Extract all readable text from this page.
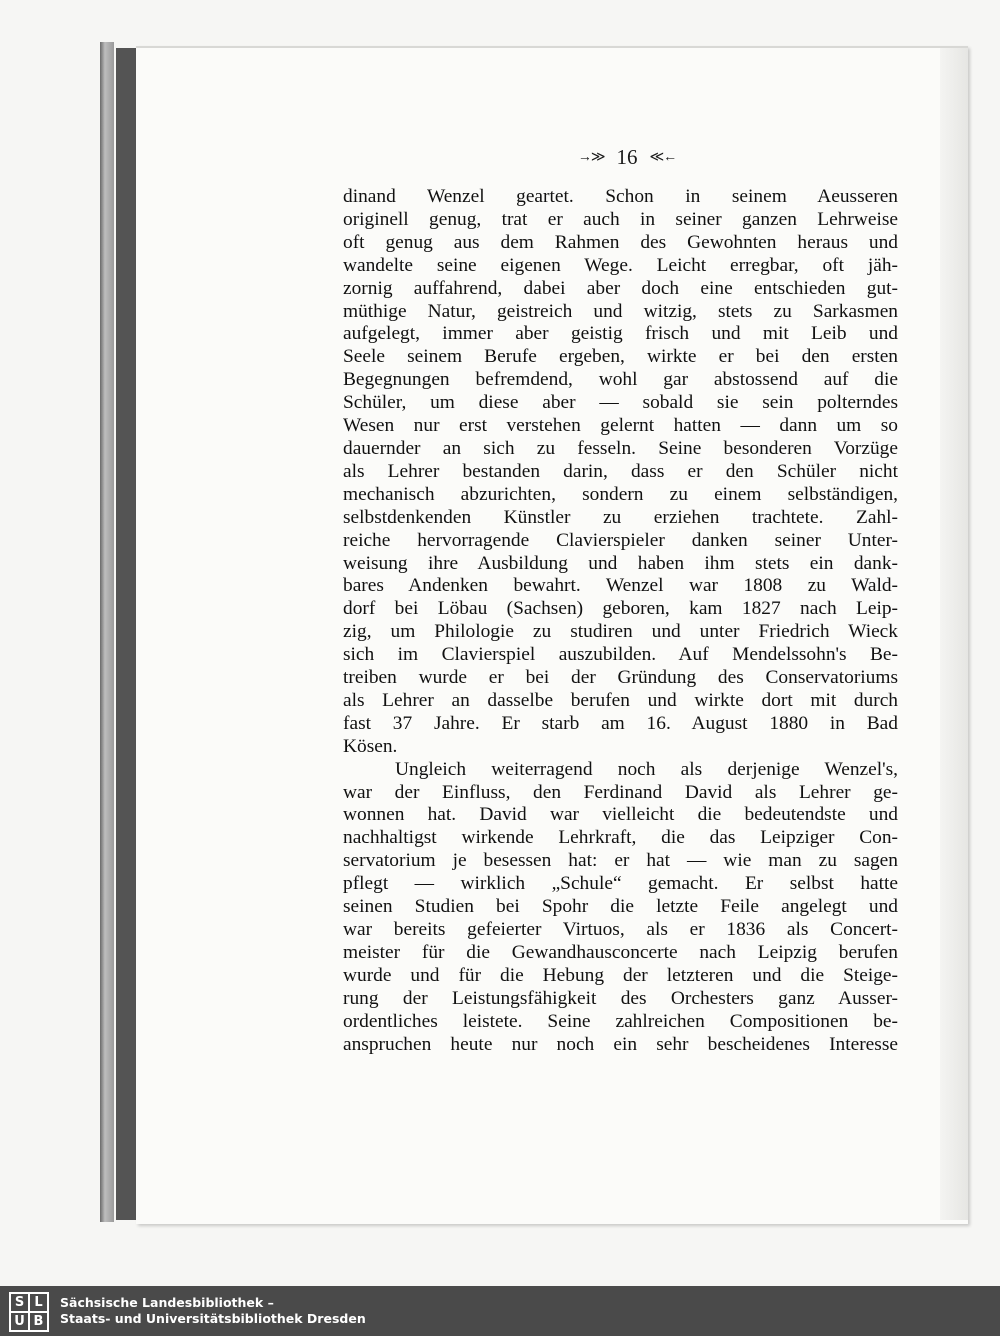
→≫ 16 ≪←
dinand Wenzel geartet. Schon in seinem Aeusseren
originell genug, trat er auch in seiner ganzen Lehrweise
oft genug aus dem Rahmen des Gewohnten heraus und
wandelte seine eigenen Wege. Leicht erregbar, oft jäh-
zornig auffahrend, dabei aber doch eine entschieden gut-
müthige Natur, geistreich und witzig, stets zu Sarkasmen
aufgelegt, immer aber geistig frisch und mit Leib und
Seele seinem Berufe ergeben, wirkte er bei den ersten
Begegnungen befremdend, wohl gar abstossend auf die
Schüler, um diese aber — sobald sie sein polterndes
Wesen nur erst verstehen gelernt hatten — dann um so
dauernder an sich zu fesseln. Seine besonderen Vorzüge
als Lehrer bestanden darin, dass er den Schüler nicht
mechanisch abzurichten, sondern zu einem selbständigen,
selbstdenkenden Künstler zu erziehen trachtete. Zahl-
reiche hervorragende Clavierspieler danken seiner Unter-
weisung ihre Ausbildung und haben ihm stets ein dank-
bares Andenken bewahrt. Wenzel war 1808 zu Wald-
dorf bei Löbau (Sachsen) geboren, kam 1827 nach Leip-
zig, um Philologie zu studiren und unter Friedrich Wieck
sich im Clavierspiel auszubilden. Auf Mendelssohn's Be-
treiben wurde er bei der Gründung des Conservatoriums
als Lehrer an dasselbe berufen und wirkte dort mit durch
fast 37 Jahre. Er starb am 16. August 1880 in Bad
Kösen.
Ungleich weiterragend noch als derjenige Wenzel's,
war der Einfluss, den Ferdinand David als Lehrer ge-
wonnen hat. David war vielleicht die bedeutendste und
nachhaltigst wirkende Lehrkraft, die das Leipziger Con-
servatorium je besessen hat: er hat — wie man zu sagen
pflegt — wirklich „Schule“ gemacht. Er selbst hatte
seinen Studien bei Spohr die letzte Feile angelegt und
war bereits gefeierter Virtuos, als er 1836 als Concert-
meister für die Gewandhausconcerte nach Leipzig berufen
wurde und für die Hebung der letzteren und die Steige-
rung der Leistungsfähigkeit des Orchesters ganz Ausser-
ordentliches leistete. Seine zahlreichen Compositionen be-
anspruchen heute nur noch ein sehr bescheidenes Interesse
S L
U B
Sächsische Landesbibliothek –
Staats- und Universitätsbibliothek Dresden
